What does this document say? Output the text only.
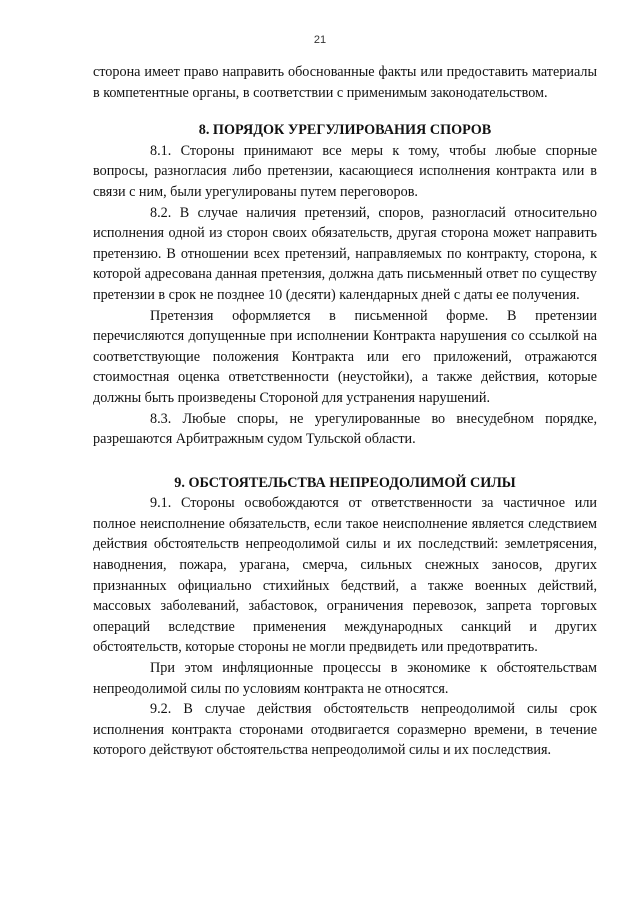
21

сторона имеет право направить обоснованные факты или предоставить материалы в компетентные органы, в соответствии с применимым законодательством.

8. ПОРЯДОК УРЕГУЛИРОВАНИЯ СПОРОВ

8.1. Стороны принимают все меры к тому, чтобы любые спорные вопросы, разногласия либо претензии, касающиеся исполнения контракта или в связи с ним, были урегулированы путем переговоров.

8.2. В случае наличия претензий, споров, разногласий относительно исполнения одной из сторон своих обязательств, другая сторона может направить претензию. В отношении всех претензий, направляемых по контракту, сторона, к которой адресована данная претензия, должна дать письменный ответ по существу претензии в срок не позднее 10 (десяти) календарных дней с даты ее получения.

Претензия оформляется в письменной форме. В претензии перечисляются допущенные при исполнении Контракта нарушения со ссылкой на соответствующие положения Контракта или его приложений, отражаются стоимостная оценка ответственности (неустойки), а также действия, которые должны быть произведены Стороной для устранения нарушений.

8.3. Любые споры, не урегулированные во внесудебном порядке, разрешаются Арбитражным судом Тульской области.

9. ОБСТОЯТЕЛЬСТВА НЕПРЕОДОЛИМОЙ СИЛЫ

9.1. Стороны освобождаются от ответственности за частичное или полное неисполнение обязательств, если такое неисполнение является следствием действия обстоятельств непреодолимой силы и их последствий: землетрясения, наводнения, пожара, урагана, смерча, сильных снежных заносов, других признанных официально стихийных бедствий, а также военных действий, массовых заболеваний, забастовок, ограничения перевозок, запрета торговых операций вследствие применения международных санкций и других обстоятельств, которые стороны не могли предвидеть или предотвратить.

При этом инфляционные процессы в экономике к обстоятельствам непреодолимой силы по условиям контракта не относятся.

9.2. В случае действия обстоятельств непреодолимой силы срок исполнения контракта сторонами отодвигается соразмерно времени, в течение которого действуют обстоятельства непреодолимой силы и их последствия.
